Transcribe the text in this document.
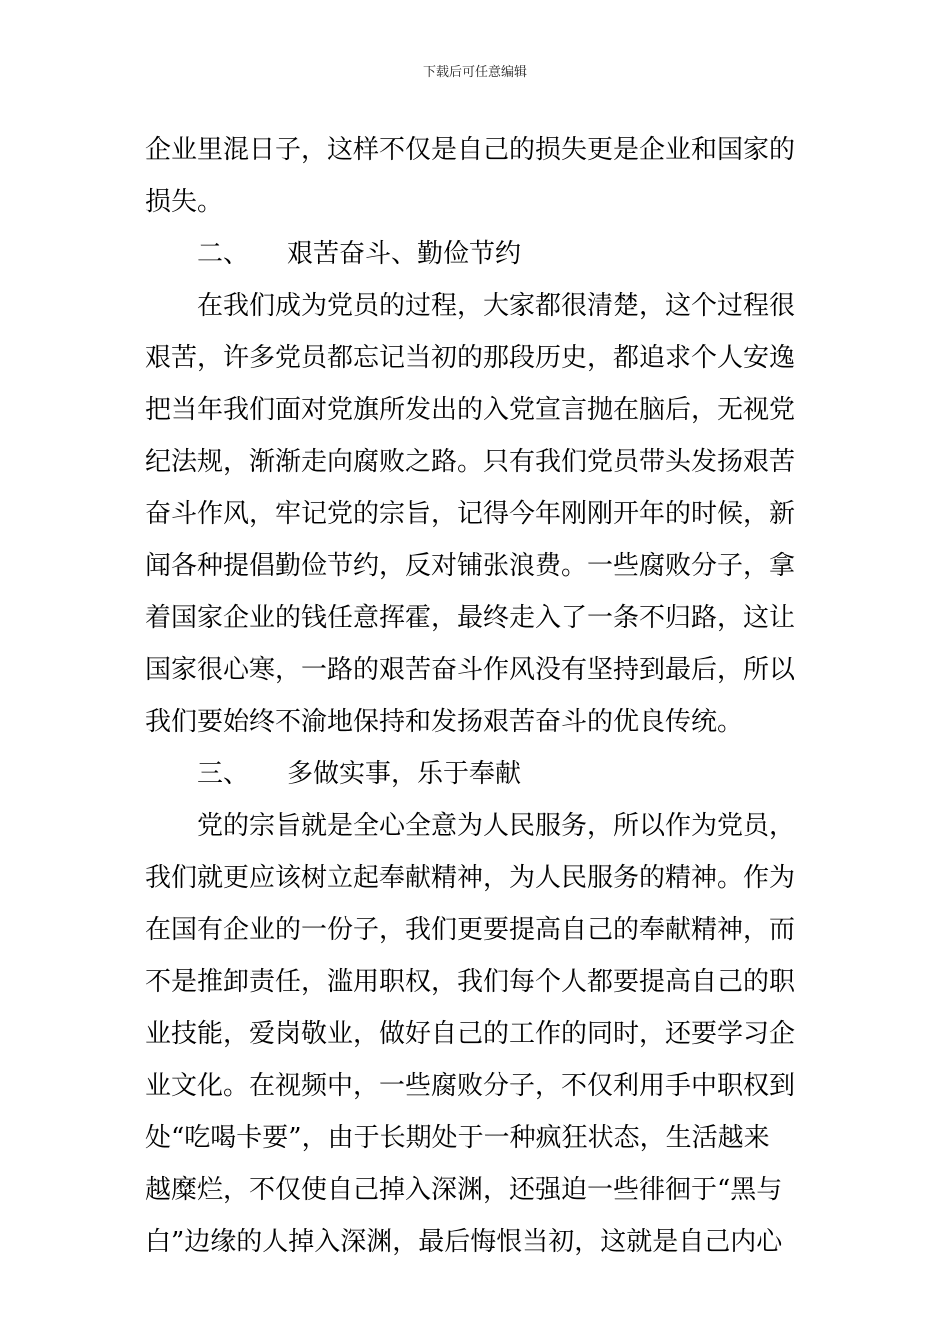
下载后可任意编辑
企业里混日子，这样不仅是自己的损失更是企业和国家的
损失。
二、 艰苦奋斗、勤俭节约
在我们成为党员的过程，大家都很清楚，这个过程很
艰苦，许多党员都忘记当初的那段历史，都追求个人安逸
把当年我们面对党旗所发出的入党宣言抛在脑后，无视党
纪法规，渐渐走向腐败之路。只有我们党员带头发扬艰苦
奋斗作风，牢记党的宗旨，记得今年刚刚开年的时候，新
闻各种提倡勤俭节约，反对铺张浪费。一些腐败分子，拿
着国家企业的钱任意挥霍，最终走入了一条不归路，这让
国家很心寒，一路的艰苦奋斗作风没有坚持到最后，所以
我们要始终不渝地保持和发扬艰苦奋斗的优良传统。
三、 多做实事，乐于奉献
党的宗旨就是全心全意为人民服务，所以作为党员，
我们就更应该树立起奉献精神，为人民服务的精神。作为
在国有企业的一份子，我们更要提高自己的奉献精神，而
不是推卸责任，滥用职权，我们每个人都要提高自己的职
业技能，爱岗敬业，做好自己的工作的同时，还要学习企
业文化。在视频中，一些腐败分子，不仅利用手中职权到
处“吃喝卡要”，由于长期处于一种疯狂状态，生活越来
越糜烂，不仅使自己掉入深渊，还强迫一些徘徊于“黑与
白”边缘的人掉入深渊，最后悔恨当初，这就是自己内心
